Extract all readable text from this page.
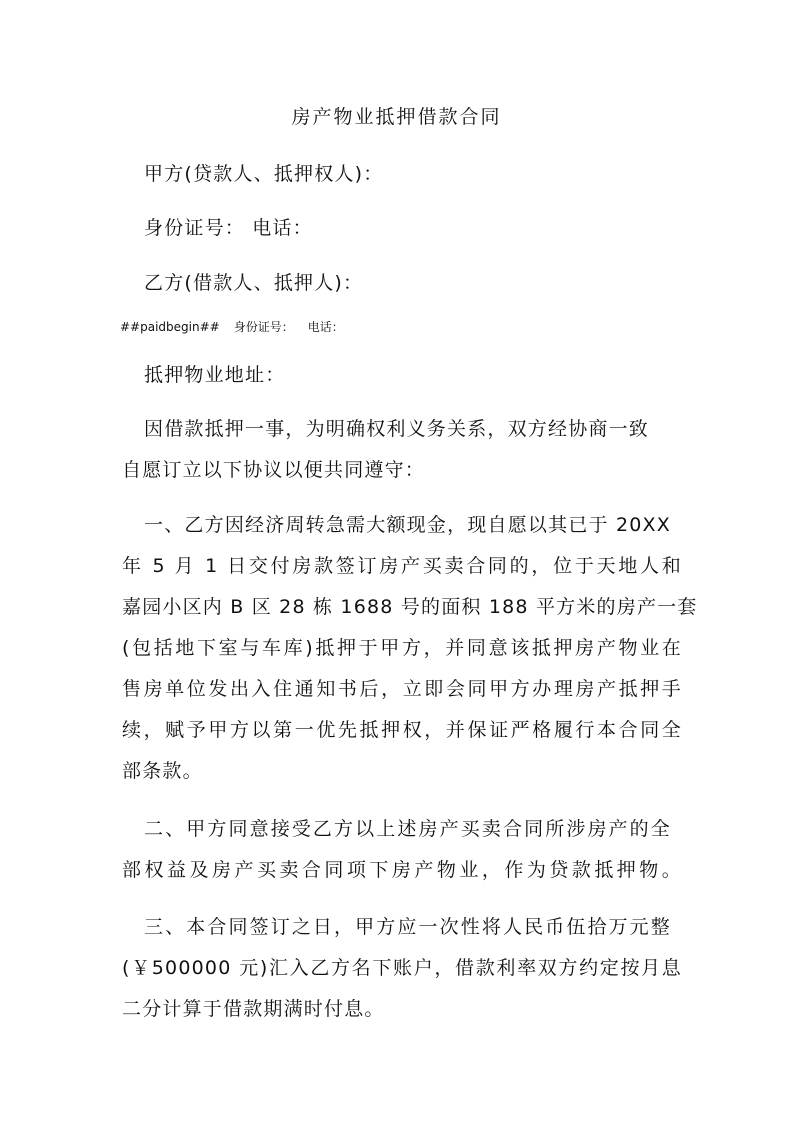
房产物业抵押借款合同
甲方(贷款人、抵押权人)：
身份证号： 电话：
乙方(借款人、抵押人)：
##paidbegin## 身份证号： 电话：
抵押物业地址：
因借款抵押一事，为明确权利义务关系，双方经协商一致
自愿订立以下协议以便共同遵守：
一、乙方因经济周转急需大额现金，现自愿以其已于 20XX
年 5 月 1 日交付房款签订房产买卖合同的，位于天地人和
嘉园小区内 B 区 28 栋 1688 号的面积 188 平方米的房产一套
(包括地下室与车库)抵押于甲方，并同意该抵押房产物业在
售房单位发出入住通知书后，立即会同甲方办理房产抵押手
续，赋予甲方以第一优先抵押权，并保证严格履行本合同全
部条款。
二、甲方同意接受乙方以上述房产买卖合同所涉房产的全
部权益及房产买卖合同项下房产物业，作为贷款抵押物。
三、本合同签订之日，甲方应一次性将人民币伍拾万元整
(￥500000 元)汇入乙方名下账户，借款利率双方约定按月息
二分计算于借款期满时付息。
